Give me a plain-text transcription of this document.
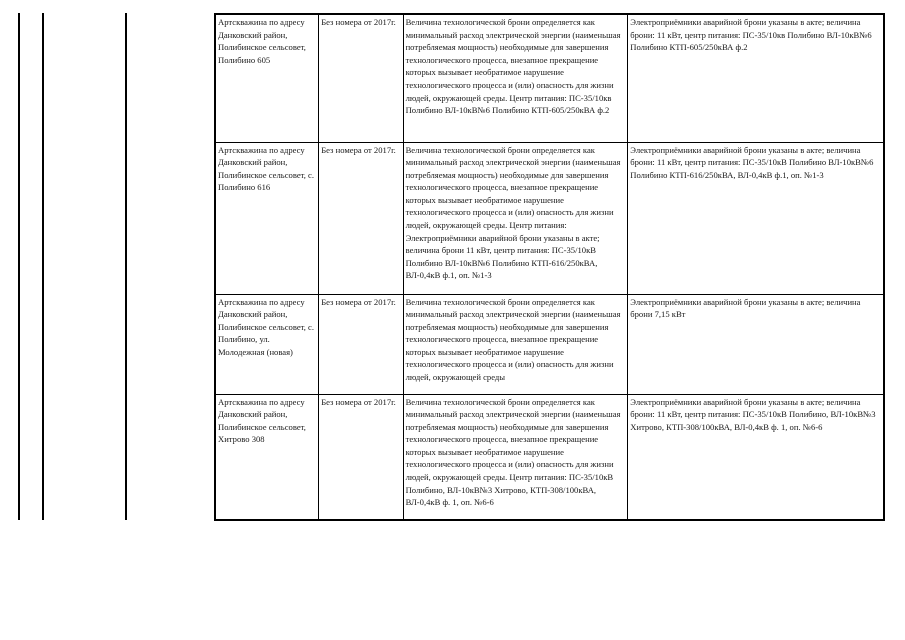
Артскважина по адресу Данковский район, Полибинское сельсовет, Полибино 605	Без номера от 2017г.	Величина технологической брони определяется как минимальный расход электрической энергии (наименьшая потребляемая мощность) необходимые для завершения технологического процесса, внезапное прекращение которых вызывает необратимое нарушение технологического процесса и (или) опасность для жизни людей, окружающей среды. Центр питания: ПС-35/10кв Полибино ВЛ-10кВ№6 Полибино КТП-605/250кВА ф.2	Электроприёмники аварийной брони указаны в акте; величина брони: 11 кВт, центр питания: ПС-35/10кв Полибино ВЛ-10кВ№6 Полибино КТП-605/250кВА ф.2
Артскважина по адресу Данковский район, Полибинское сельсовет, с. Полибино 616	Без номера от 2017г.	Величина технологической брони определяется как минимальный расход электрической энергии (наименьшая потребляемая мощность) необходимые для завершения технологического процесса, внезапное прекращение которых вызывает необратимое нарушение технологического процесса и (или) опасность для жизни людей, окружающей среды. Центр питания: Электроприёмники аварийной брони указаны в акте; величина брони 11 кВт, центр питания: ПС-35/10кВ Полибино ВЛ-10кВ№6 Полибино КТП-616/250кВА, ВЛ-0,4кВ ф.1, оп. №1-3	Электроприёмники аварийной брони указаны в акте; величина брони: 11 кВт, центр питания: ПС-35/10кВ Полибино ВЛ-10кВ№6 Полибино КТП-616/250кВА, ВЛ-0,4кВ ф.1, оп. №1-3
Артскважина по адресу Данковский район, Полибинское сельсовет, с. Полибино, ул. Молодежная (новая)	Без номера от 2017г.	Величина технологической брони определяется как минимальный расход электрической энергии (наименьшая потребляемая мощность) необходимые для завершения технологического процесса, внезапное прекращение которых вызывает необратимое нарушение технологического процесса и (или) опасность для жизни людей, окружающей среды	Электроприёмники аварийной брони указаны в акте; величина брони 7,15 кВт
Артскважина по адресу Данковский район, Полибинское сельсовет, Хитрово 308	Без номера от 2017г.	Величина технологической брони определяется как минимальный расход электрической энергии (наименьшая потребляемая мощность) необходимые для завершения технологического процесса, внезапное прекращение которых вызывает необратимое нарушение технологического процесса и (или) опасность для жизни людей, окружающей среды. Центр питания: ПС-35/10кВ Полибино, ВЛ-10кВ№3 Хитрово, КТП-308/100кВА, ВЛ-0,4кВ ф. 1, оп. №6-6	Электроприёмники аварийной брони указаны в акте; величина брони: 11 кВт, центр питания: ПС-35/10кВ Полибино, ВЛ-10кВ№3 Хитрово, КТП-308/100кВА, ВЛ-0,4кВ ф. 1, оп. №6-6
